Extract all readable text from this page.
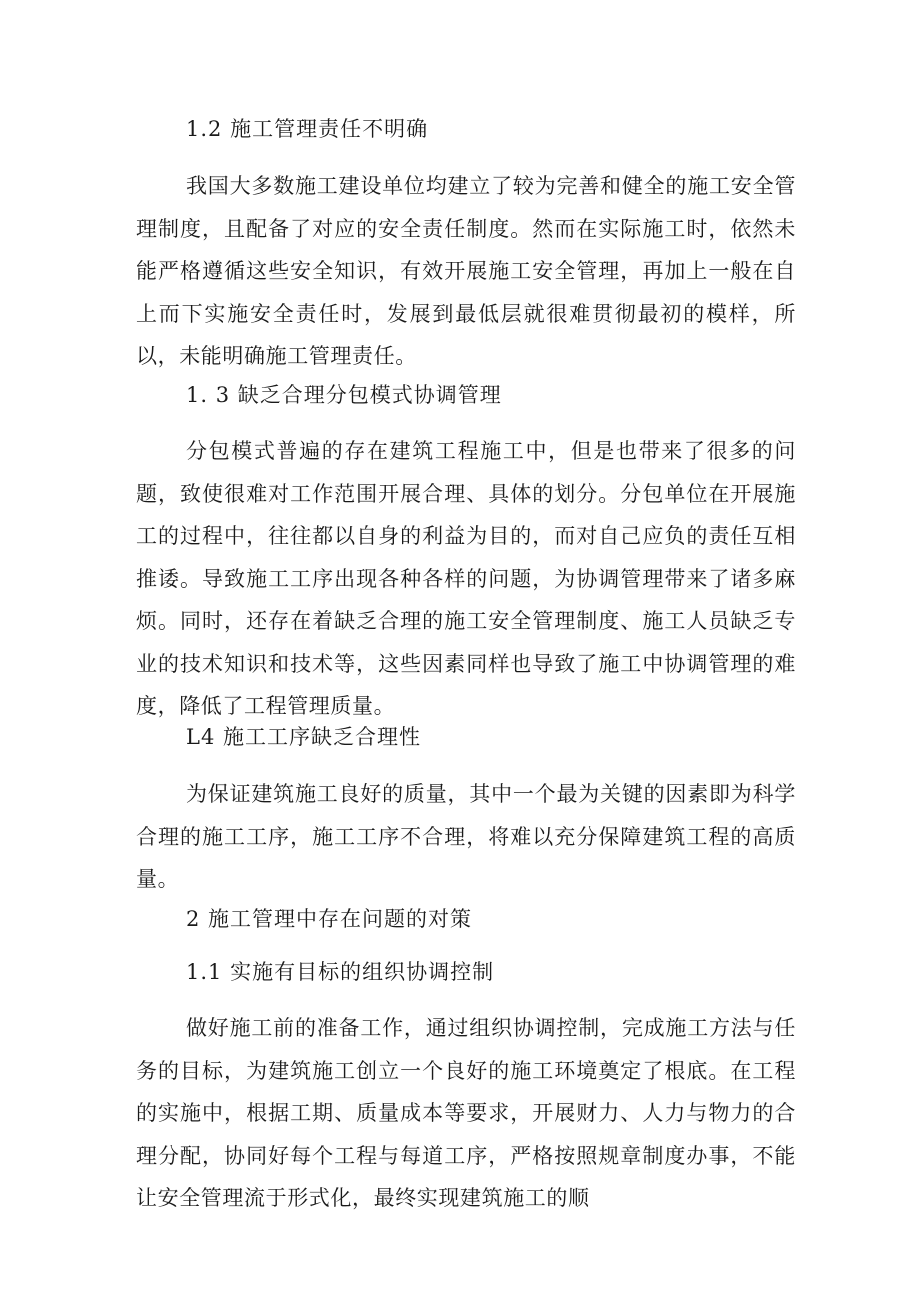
1.2 施工管理责任不明确

我国大多数施工建设单位均建立了较为完善和健全的施工安全管理制度，且配备了对应的安全责任制度。然而在实际施工时，依然未能严格遵循这些安全知识，有效开展施工安全管理，再加上一般在自上而下实施安全责任时，发展到最低层就很难贯彻最初的模样，所以，未能明确施工管理责任。

1. 3 缺乏合理分包模式协调管理

分包模式普遍的存在建筑工程施工中，但是也带来了很多的问题，致使很难对工作范围开展合理、具体的划分。分包单位在开展施工的过程中，往往都以自身的利益为目的，而对自己应负的责任互相推诿。导致施工工序出现各种各样的问题，为协调管理带来了诸多麻烦。同时，还存在着缺乏合理的施工安全管理制度、施工人员缺乏专业的技术知识和技术等，这些因素同样也导致了施工中协调管理的难度，降低了工程管理质量。

L4 施工工序缺乏合理性

为保证建筑施工良好的质量，其中一个最为关键的因素即为科学合理的施工工序，施工工序不合理，将难以充分保障建筑工程的高质量。

2 施工管理中存在问题的对策
1.1 实施有目标的组织协调控制

做好施工前的准备工作，通过组织协调控制，完成施工方法与任务的目标，为建筑施工创立一个良好的施工环境奠定了根底。在工程的实施中，根据工期、质量成本等要求，开展财力、人力与物力的合理分配，协同好每个工程与每道工序，严格按照规章制度办事，不能让安全管理流于形式化，最终实现建筑施工的顺
